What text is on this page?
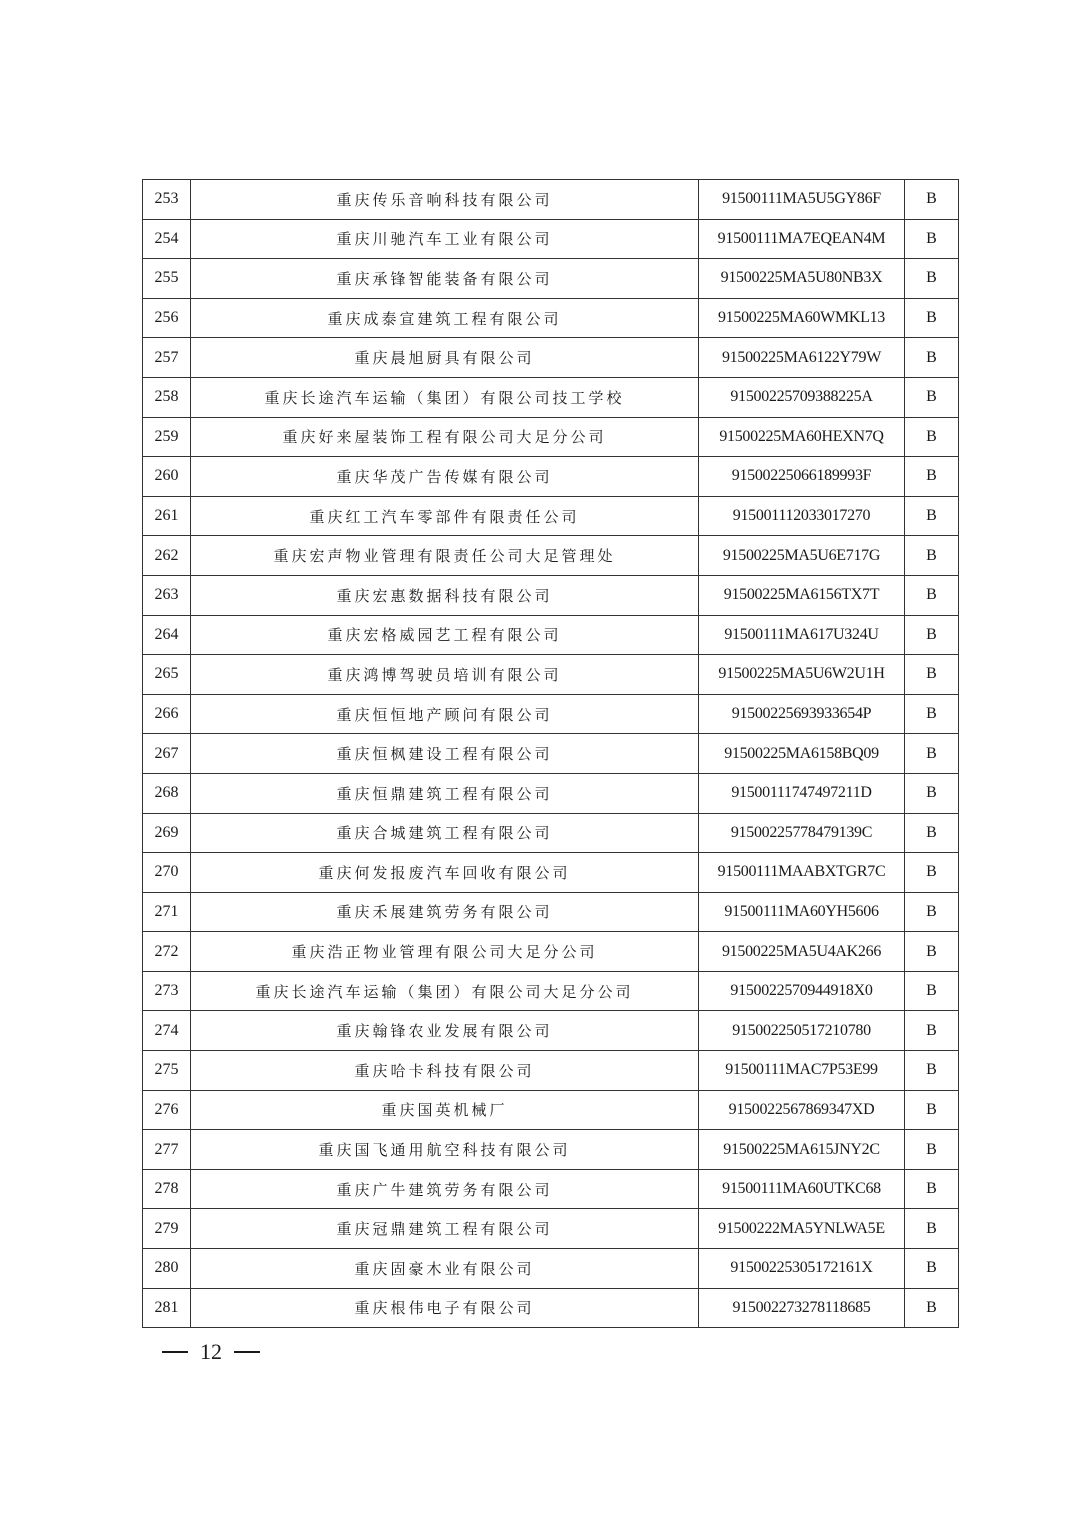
253	重庆传乐音响科技有限公司	91500111MA5U5GY86F	B
254	重庆川驰汽车工业有限公司	91500111MA7EQEAN4M	B
255	重庆承锋智能装备有限公司	91500225MA5U80NB3X	B
256	重庆成泰宣建筑工程有限公司	91500225MA60WMKL13	B
257	重庆晨旭厨具有限公司	91500225MA6122Y79W	B
258	重庆长途汽车运输（集团）有限公司技工学校	91500225709388225A	B
259	重庆好来屋装饰工程有限公司大足分公司	91500225MA60HEXN7Q	B
260	重庆华茂广告传媒有限公司	91500225066189993F	B
261	重庆红工汽车零部件有限责任公司	915001112033017270	B
262	重庆宏声物业管理有限责任公司大足管理处	91500225MA5U6E717G	B
263	重庆宏惠数据科技有限公司	91500225MA6156TX7T	B
264	重庆宏格威园艺工程有限公司	91500111MA617U324U	B
265	重庆鸿博驾驶员培训有限公司	91500225MA5U6W2U1H	B
266	重庆恒恒地产顾问有限公司	91500225693933654P	B
267	重庆恒枫建设工程有限公司	91500225MA6158BQ09	B
268	重庆恒鼎建筑工程有限公司	91500111747497211D	B
269	重庆合城建筑工程有限公司	91500225778479139C	B
270	重庆何发报废汽车回收有限公司	91500111MAABXTGR7C	B
271	重庆禾展建筑劳务有限公司	91500111MA60YH5606	B
272	重庆浩正物业管理有限公司大足分公司	91500225MA5U4AK266	B
273	重庆长途汽车运输（集团）有限公司大足分公司	9150022570944918X0	B
274	重庆翰锋农业发展有限公司	915002250517210780	B
275	重庆哈卡科技有限公司	91500111MAC7P53E99	B
276	重庆国英机械厂	9150022567869347XD	B
277	重庆国飞通用航空科技有限公司	91500225MA615JNY2C	B
278	重庆广牛建筑劳务有限公司	91500111MA60UTKC68	B
279	重庆冠鼎建筑工程有限公司	91500222MA5YNLWA5E	B
280	重庆固豪木业有限公司	91500225305172161X	B
281	重庆根伟电子有限公司	915002273278118685	B
12
